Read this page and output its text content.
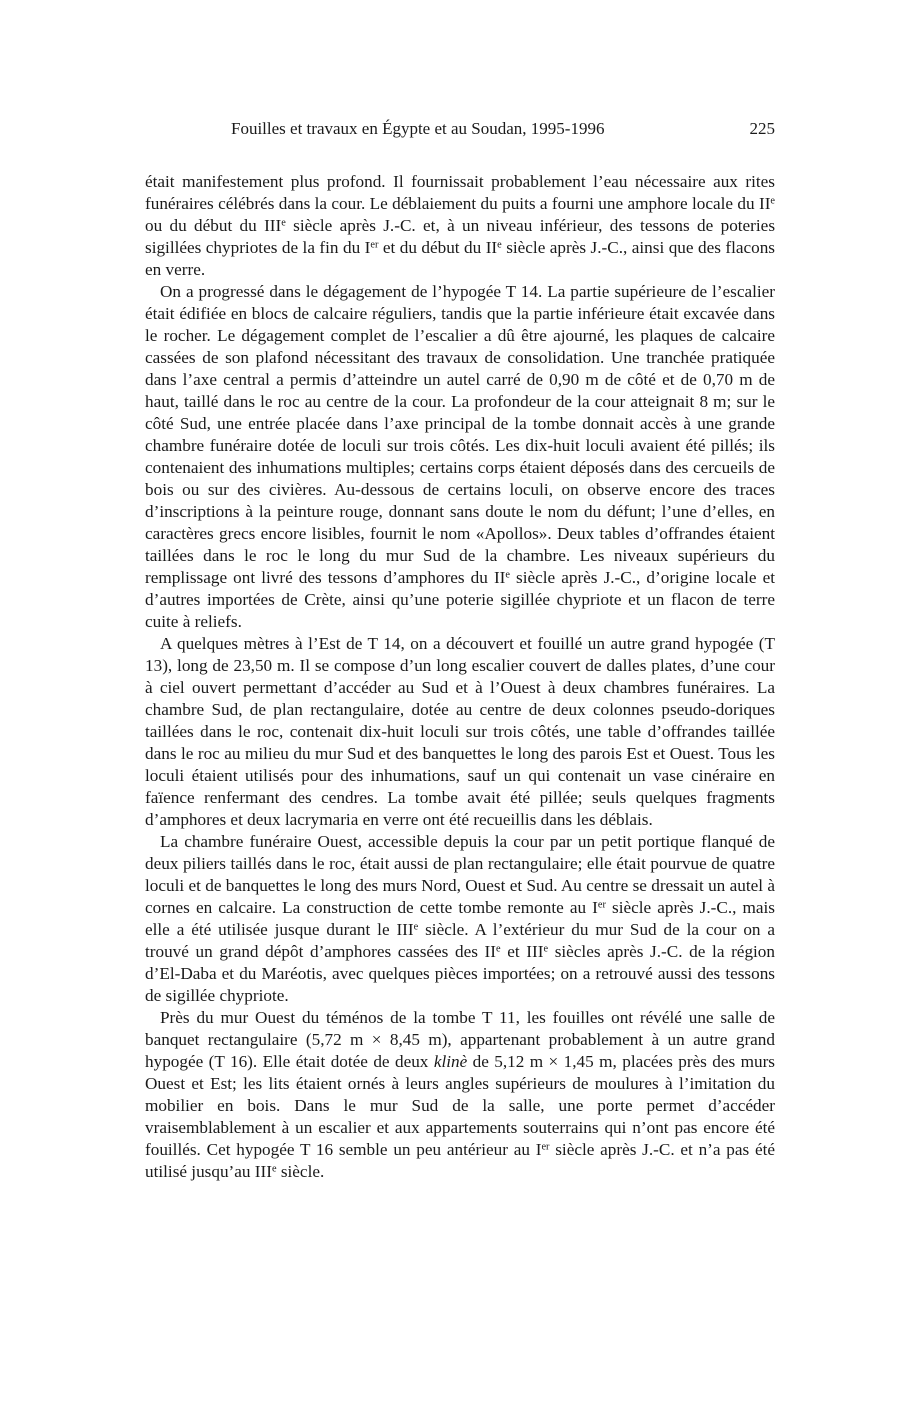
Fouilles et travaux en Égypte et au Soudan, 1995-1996	225

était manifestement plus profond. Il fournissait probablement l’eau nécessaire aux rites funéraires célébrés dans la cour. Le déblaiement du puits a fourni une amphore locale du IIe ou du début du IIIe siècle après J.-C. et, à un niveau inférieur, des tessons de poteries sigillées chypriotes de la fin du Ier et du début du IIe siècle après J.-C., ainsi que des flacons en verre.

On a progressé dans le dégagement de l’hypogée T 14. La partie supérieure de l’escalier était édifiée en blocs de calcaire réguliers, tandis que la partie inférieure était excavée dans le rocher. Le dégagement complet de l’escalier a dû être ajourné, les plaques de calcaire cassées de son plafond nécessitant des travaux de consolidation. Une tranchée pratiquée dans l’axe central a permis d’atteindre un autel carré de 0,90 m de côté et de 0,70 m de haut, taillé dans le roc au centre de la cour. La profondeur de la cour atteignait 8 m; sur le côté Sud, une entrée placée dans l’axe principal de la tombe donnait accès à une grande chambre funéraire dotée de loculi sur trois côtés. Les dix-huit loculi avaient été pillés; ils contenaient des inhumations multiples; certains corps étaient déposés dans des cercueils de bois ou sur des civières. Au-dessous de certains loculi, on observe encore des traces d’inscriptions à la peinture rouge, donnant sans doute le nom du défunt; l’une d’elles, en caractères grecs encore lisibles, fournit le nom «Apollos». Deux tables d’offrandes étaient taillées dans le roc le long du mur Sud de la chambre. Les niveaux supérieurs du remplissage ont livré des tessons d’amphores du IIe siècle après J.-C., d’origine locale et d’autres importées de Crète, ainsi qu’une poterie sigillée chypriote et un flacon de terre cuite à reliefs.

A quelques mètres à l’Est de T 14, on a découvert et fouillé un autre grand hypogée (T 13), long de 23,50 m. Il se compose d’un long escalier couvert de dalles plates, d’une cour à ciel ouvert permettant d’accéder au Sud et à l’Ouest à deux chambres funéraires. La chambre Sud, de plan rectangulaire, dotée au centre de deux colonnes pseudo-doriques taillées dans le roc, contenait dix-huit loculi sur trois côtés, une table d’offrandes taillée dans le roc au milieu du mur Sud et des banquettes le long des parois Est et Ouest. Tous les loculi étaient utilisés pour des inhumations, sauf un qui contenait un vase cinéraire en faïence renfermant des cendres. La tombe avait été pillée; seuls quelques fragments d’amphores et deux lacrymaria en verre ont été recueillis dans les déblais.

La chambre funéraire Ouest, accessible depuis la cour par un petit portique flanqué de deux piliers taillés dans le roc, était aussi de plan rectangulaire; elle était pourvue de quatre loculi et de banquettes le long des murs Nord, Ouest et Sud. Au centre se dressait un autel à cornes en calcaire. La construction de cette tombe remonte au Ier siècle après J.-C., mais elle a été utilisée jusque durant le IIIe siècle. A l’extérieur du mur Sud de la cour on a trouvé un grand dépôt d’amphores cassées des IIe et IIIe siècles après J.-C. de la région d’El-Daba et du Maréotis, avec quelques pièces importées; on a retrouvé aussi des tessons de sigillée chypriote.

Près du mur Ouest du téménos de la tombe T 11, les fouilles ont révélé une salle de banquet rectangulaire (5,72 m × 8,45 m), appartenant probablement à un autre grand hypogée (T 16). Elle était dotée de deux klinè de 5,12 m × 1,45 m, placées près des murs Ouest et Est; les lits étaient ornés à leurs angles supérieurs de moulures à l’imitation du mobilier en bois. Dans le mur Sud de la salle, une porte permet d’accéder vraisemblablement à un escalier et aux appartements souterrains qui n’ont pas encore été fouillés. Cet hypogée T 16 semble un peu antérieur au Ier siècle après J.-C. et n’a pas été utilisé jusqu’au IIIe siècle.
